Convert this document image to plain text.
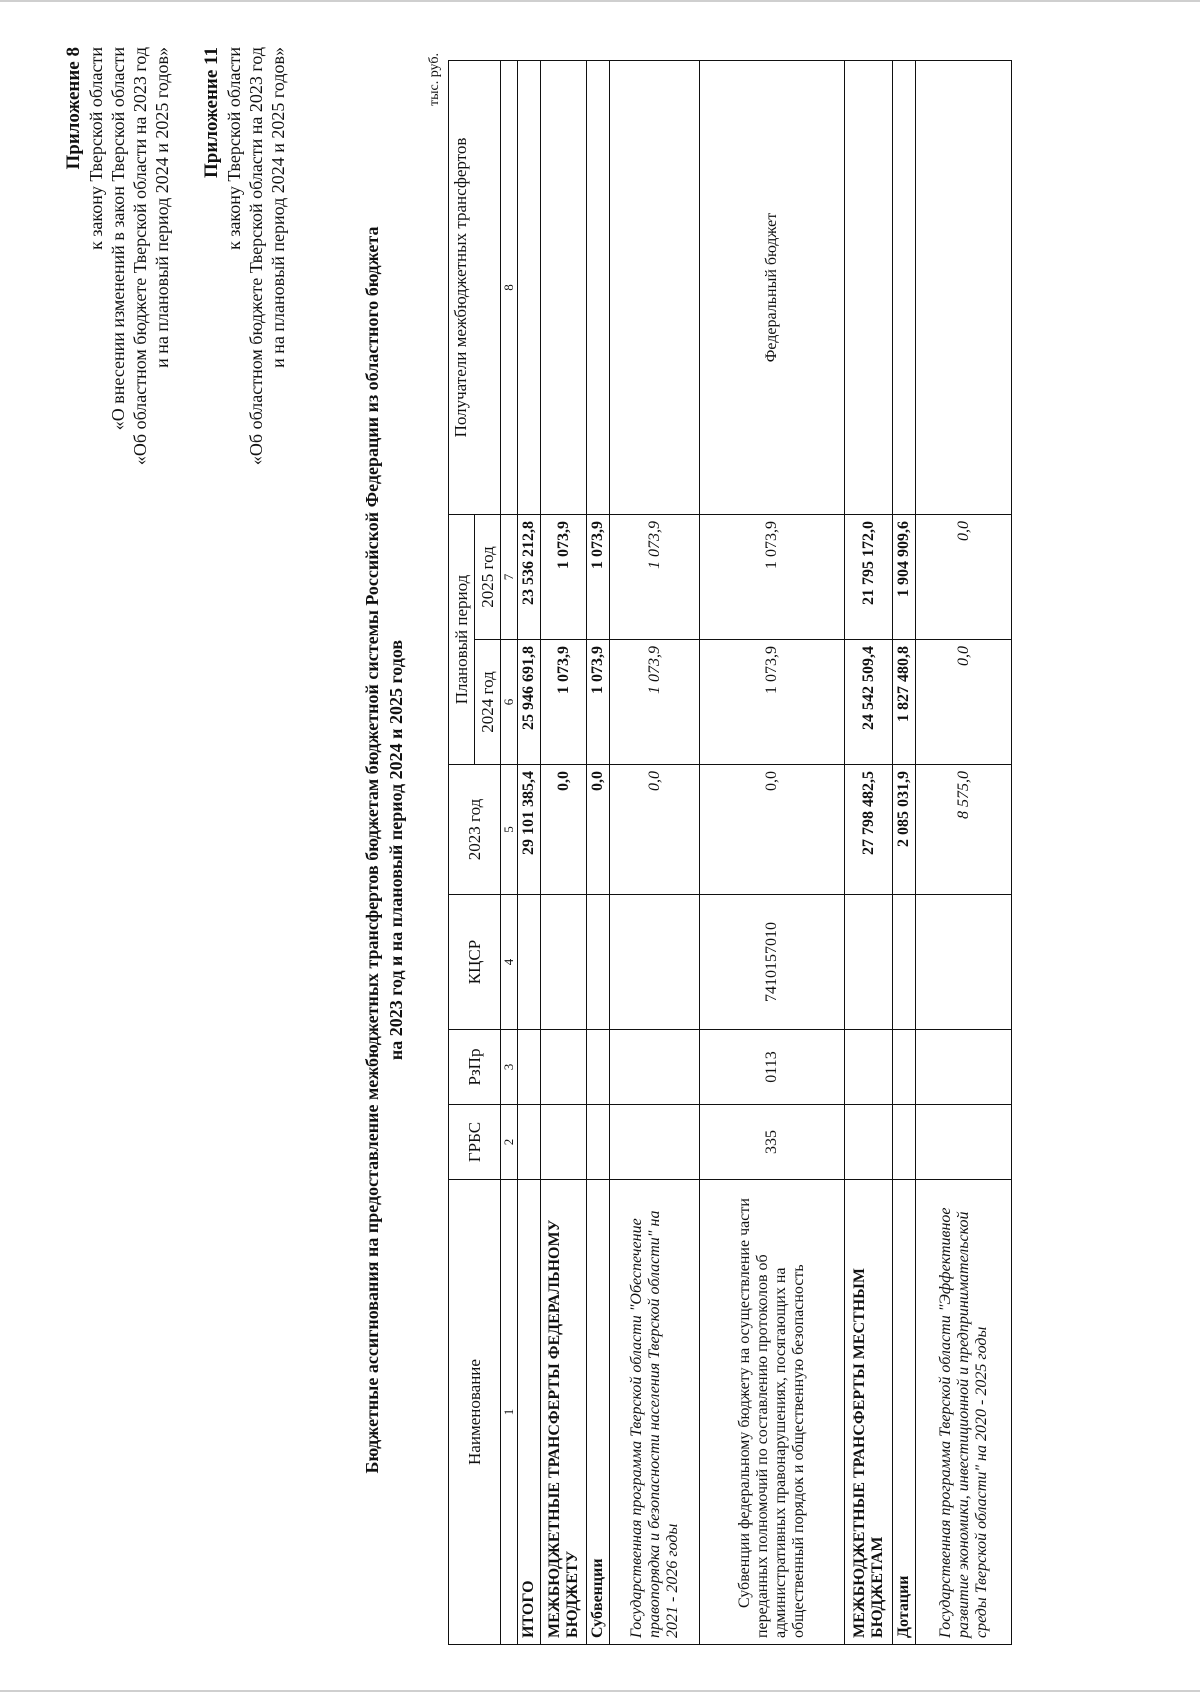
Приложение 8 к закону Тверской области «О внесении изменений в закон Тверской области «Об областном бюджете Тверской области на 2023 год и на плановый период 2024 и 2025 годов» Приложение 11 к закону Тверской области «Об областном бюджете Тверской области на 2023 год и на плановый период 2024 и 2025 годов»
Бюджетные ассигнования на предоставление межбюджетных трансфертов бюджетам бюджетной системы Российской Федерации из областного бюджета на 2023 год и на плановый период 2024 и 2025 годов
тыс. руб.
Наименование	ГРБС	РзПр	КЦСР	2023 год	Плановый период		Получатели межбюджетных трансфертов
					2024 год	2025 год	
1	2	3	4	5	6	7	8
ИТОГО				29 101 385,4	25 946 691,8	23 536 212,8	
МЕЖБЮДЖЕТНЫЕ ТРАНСФЕРТЫ ФЕДЕРАЛЬНОМУ БЮДЖЕТУ				0,0	1 073,9	1 073,9	
Субвенции				0,0	1 073,9	1 073,9	
Государственная программа Тверской области "Обеспечение правопорядка и безопасности населения Тверской области" на 2021 - 2026 годы				0,0	1 073,9	1 073,9	
Субвенции федеральному бюджету на осуществление части переданных полномочий по составлению протоколов об административных правонарушениях, посягающих на общественный порядок и общественную безопасность	335	0113	7410157010	0,0	1 073,9	1 073,9	Федеральный бюджет
МЕЖБЮДЖЕТНЫЕ ТРАНСФЕРТЫ МЕСТНЫМ БЮДЖЕТАМ				27 798 482,5	24 542 509,4	21 795 172,0	
Дотации				2 085 031,9	1 827 480,8	1 904 909,6	
Государственная программа Тверской области "Эффективное развитие экономики, инвестиционной и предпринимательской среды Тверской области" на 2020 - 2025 годы				8 575,0	0,0	0,0	
